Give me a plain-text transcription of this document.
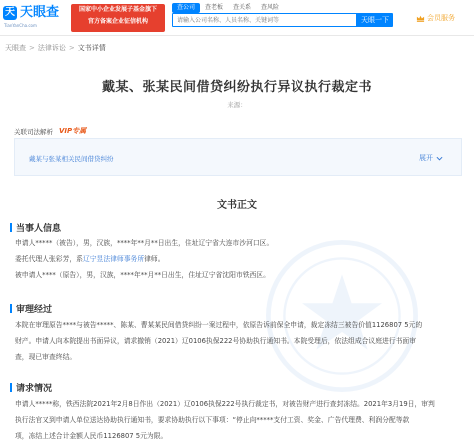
天 天眼查
TianYanCha.com
国家中小企业发展子基金旗下
官方备案企业征信机构
查公司	查老板	查关系	查风险
请输入公司名称、人员名称、关键词等
天眼一下	会员服务
天眼查 > 法律诉讼 > 文书详情
戴某、张某民间借贷纠纷执行异议执行裁定书
来源：
关联司法解析 VIP专属
戴某与张某相关民间借贷纠纷	展开
文书正文
当事人信息
申请人*****（被告），男，汉族，****年**月**日出生，住址辽宁省大连市沙河口区。
委托代理人张彩芳，系辽宁昱法律师事务所律师。
被申请人****（原告），男，汉族，****年**月**日出生，住址辽宁省沈阳市铁西区。
审理经过
本院在审理原告****与被告*****、陈某、曹某某民间借贷纠纷一案过程中，依原告诉前保全申请，裁定冻结三被告价值1126807 5元的
财产。申请人向本院提出书面异议，请求撤销（2021）辽0106执保222号协助执行通知书。本院受理后，依法组成合议庭进行书面审
查，现已审查终结。
请求情况
申请人*****称，铁西法院2021年2月8日作出（2021）辽0106执保222号执行裁定书，对被告财产进行查封冻结。2021年3月19日，审判
执行法官又到申请人单位送达协助执行通知书，要求协助执行以下事项：“停止向*****支付工资、奖金、广告代理费、利润分配等款
项，冻结上述合计金额人民币1126807 5元为限。
